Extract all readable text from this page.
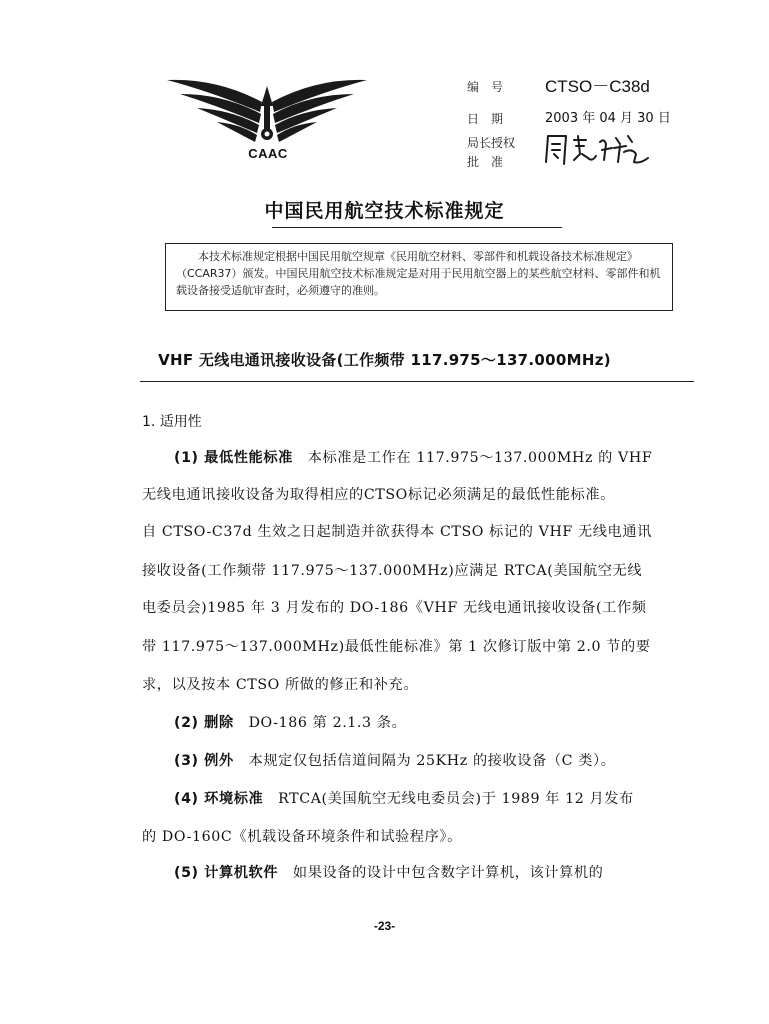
CAAC
编　号 CTSO－C38d
日　期	2003 年 04 月 30 日
局长授权
批　准
中国民用航空技术标准规定
本技术标准规定根据中国民用航空规章《民用航空材料、零部件和机载设备技术标准规定》（CCAR37）颁发。中国民用航空技术标准规定是对用于民用航空器上的某些航空材料、零部件和机载设备接受适航审查时，必须遵守的准则。
VHF 无线电通讯接收设备(工作频带 117.975～137.000MHz)
1. 适用性
(1) 最低性能标准　 本标准是工作在 117.975～137.000MHz 的 VHF
无线电通讯接收设备为取得相应的CTSO标记必须满足的最低性能标准。
自 CTSO-C37d 生效之日起制造并欲获得本 CTSO 标记的 VHF 无线电通讯
接收设备(工作频带 117.975～137.000MHz)应满足 RTCA(美国航空无线
电委员会)1985 年 3 月发布的 DO-186《VHF 无线电通讯接收设备(工作频
带 117.975～137.000MHz)最低性能标准》第 1 次修订版中第 2.0 节的要
求，以及按本 CTSO 所做的修正和补充。
(2) 删除　 DO-186 第 2.1.3 条。
(3) 例外　 本规定仅包括信道间隔为 25KHz 的接收设备（C 类）。
(4) 环境标准　 RTCA(美国航空无线电委员会)于 1989 年 12 月发布
的 DO-160C《机载设备环境条件和试验程序》。
(5) 计算机软件　 如果设备的设计中包含数字计算机，该计算机的
-23-
